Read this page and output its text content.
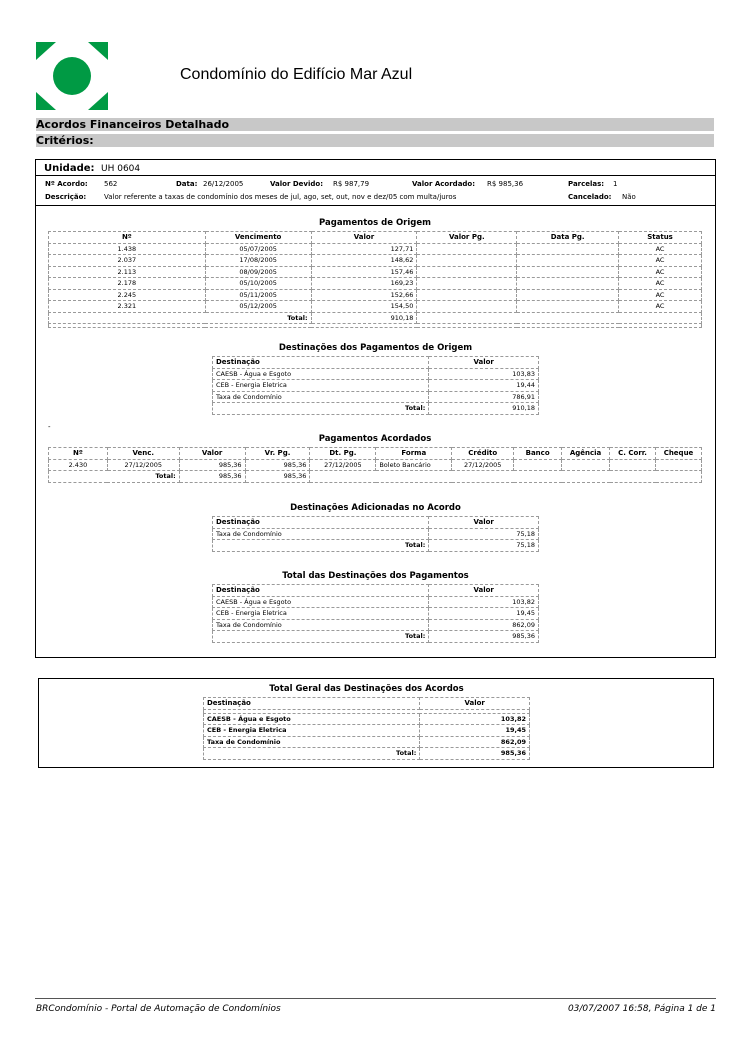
Condomínio do Edifício Mar Azul
Acordos Financeiros Detalhado
Critérios:
Unidade: UH 0604
Nº Acordo: 562	Data: 26/12/2005	Valor Devido: R$ 987,79	Valor Acordado: R$ 985,36	Parcelas: 1
Descrição:	Valor referente a taxas de condomínio dos meses de jul, ago, set, out, nov e dez/05 com multa/juros	Cancelado: Não
Pagamentos de Origem
Nº	Vencimento	Valor	Valor Pg.	Data Pg.	Status
1.438	05/07/2005	127,71			AC
2.037	17/08/2005	148,62			AC
2.113	08/09/2005	157,46			AC
2.178	05/10/2005	169,23			AC
2.245	05/11/2005	152,66			AC
2.321	05/12/2005	154,50			AC
Total:		910,18			

Destinações dos Pagamentos de Origem
Destinação	Valor
CAESB - Água e Esgoto	103,83
CEB - Energia Eletrica	19,44
Taxa de Condomínio	786,91
Total:	910,18
-
Pagamentos Acordados
Nº	Venc.	Valor	Vr. Pg.	Dt. Pg.	Forma	Crédito	Banco	Agência	C. Corr.	Cheque
2.430	27/12/2005	985,36	985,36	27/12/2005	Boleto Bancário	27/12/2005				
Total:		985,36	985,36							
Destinações Adicionadas no Acordo
Destinação	Valor
Taxa de Condomínio	75,18
Total:	75,18
Total das Destinações dos Pagamentos
Destinação	Valor
CAESB - Água e Esgoto	103,82
CEB - Energia Eletrica	19,45
Taxa de Condomínio	862,09
Total:	985,36
Total Geral das Destinações dos Acordos
Destinação	Valor

CAESB - Água e Esgoto	103,82
CEB - Energia Eletrica	19,45
Taxa de Condomínio	862,09
Total:	985,36
BRCondomínio - Portal de Automação de Condomínios	03/07/2007 16:58, Página 1 de 1
